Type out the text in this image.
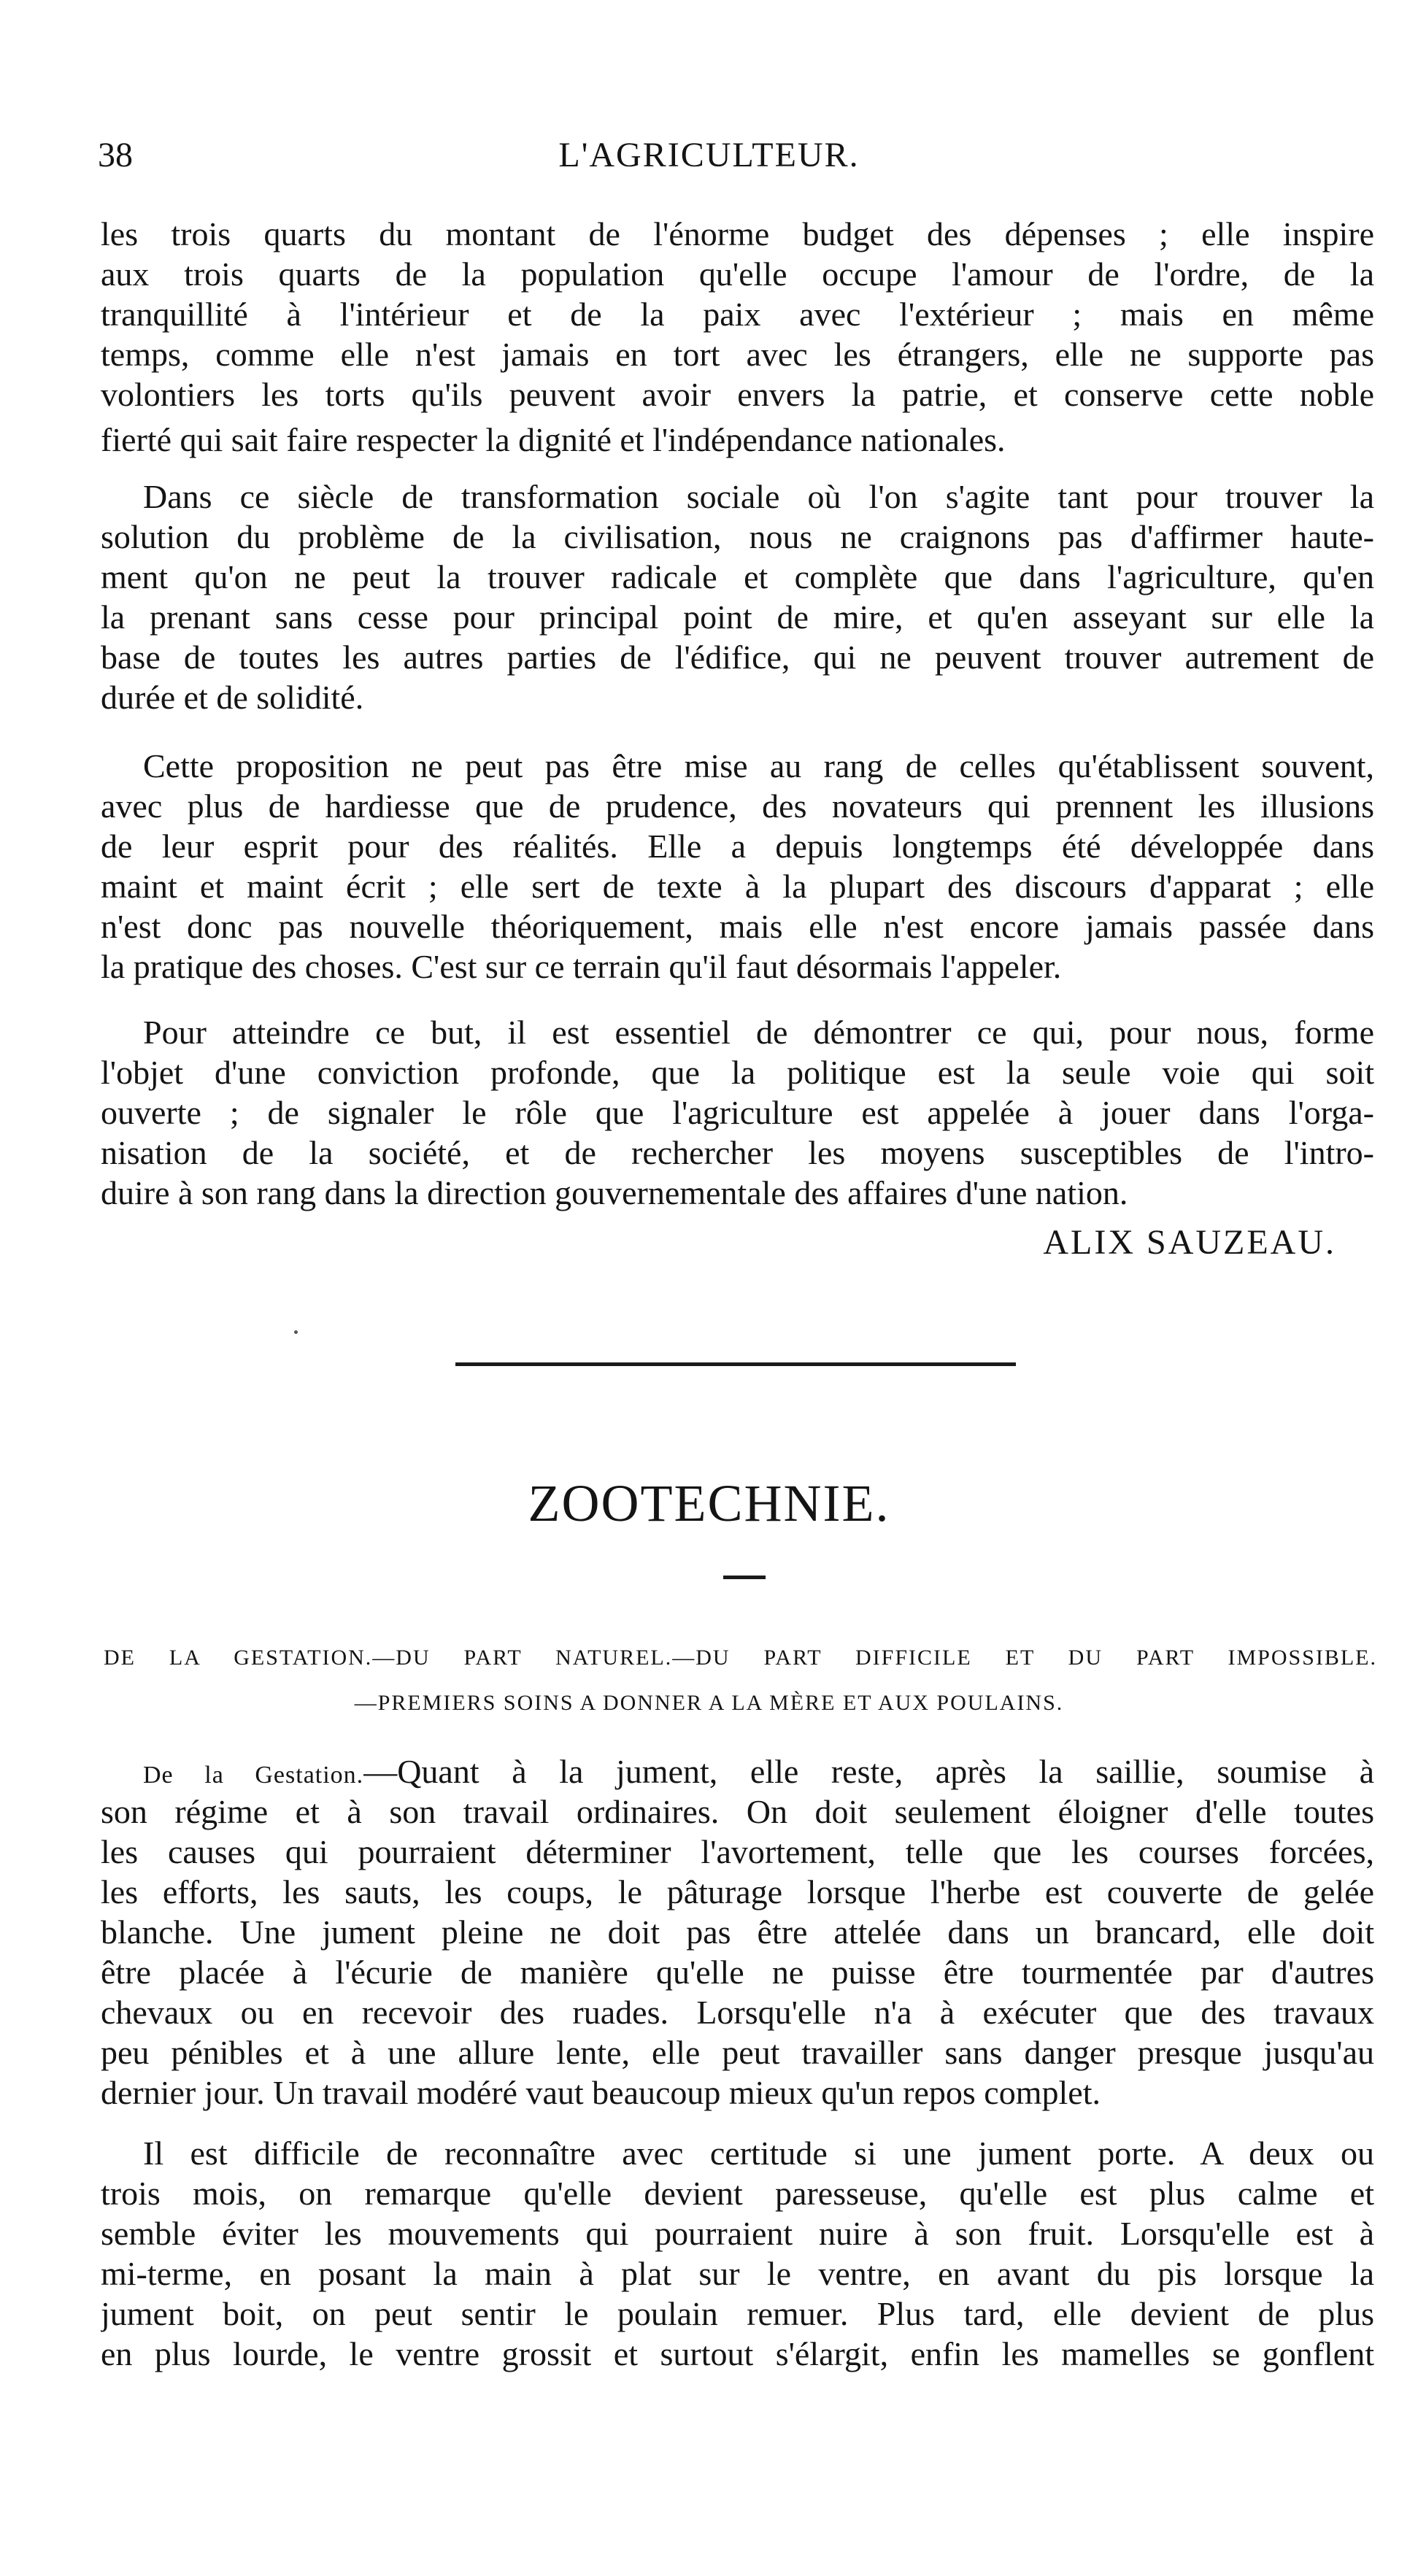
38	L'AGRICULTEUR.
les trois quarts du montant de l'énorme budget des dépenses ; elle inspire
aux trois quarts de la population qu'elle occupe l'amour de l'ordre, de la
tranquillité à l'intérieur et de la paix avec l'extérieur ; mais en même
temps, comme elle n'est jamais en tort avec les étrangers, elle ne supporte pas
volontiers les torts qu'ils peuvent avoir envers la patrie, et conserve cette noble
fierté qui sait faire respecter la dignité et l'indépendance nationales.
Dans ce siècle de transformation sociale où l'on s'agite tant pour trouver la
solution du problème de la civilisation, nous ne craignons pas d'affirmer haute-
ment qu'on ne peut la trouver radicale et complète que dans l'agriculture, qu'en
la prenant sans cesse pour principal point de mire, et qu'en asseyant sur elle la
base de toutes les autres parties de l'édifice, qui ne peuvent trouver autrement de
durée et de solidité.
Cette proposition ne peut pas être mise au rang de celles qu'établissent souvent,
avec plus de hardiesse que de prudence, des novateurs qui prennent les illusions
de leur esprit pour des réalités. Elle a depuis longtemps été développée dans
maint et maint écrit ; elle sert de texte à la plupart des discours d'apparat ; elle
n'est donc pas nouvelle théoriquement, mais elle n'est encore jamais passée dans
la pratique des choses. C'est sur ce terrain qu'il faut désormais l'appeler.
Pour atteindre ce but, il est essentiel de démontrer ce qui, pour nous, forme
l'objet d'une conviction profonde, que la politique est la seule voie qui soit
ouverte ; de signaler le rôle que l'agriculture est appelée à jouer dans l'orga-
nisation de la société, et de rechercher les moyens susceptibles de l'intro-
duire à son rang dans la direction gouvernementale des affaires d'une nation.
ALIX SAUZEAU.
ZOOTECHNIE.
DE LA GESTATION.—DU PART NATUREL.—DU PART DIFFICILE ET DU PART IMPOSSIBLE.
—PREMIERS SOINS A DONNER A LA MÈRE ET AUX POULAINS.
De la Gestation.—Quant à la jument, elle reste, après la saillie, soumise à
son régime et à son travail ordinaires. On doit seulement éloigner d'elle toutes
les causes qui pourraient déterminer l'avortement, telle que les courses forcées,
les efforts, les sauts, les coups, le pâturage lorsque l'herbe est couverte de gelée
blanche. Une jument pleine ne doit pas être attelée dans un brancard, elle doit
être placée à l'écurie de manière qu'elle ne puisse être tourmentée par d'autres
chevaux ou en recevoir des ruades. Lorsqu'elle n'a à exécuter que des travaux
peu pénibles et à une allure lente, elle peut travailler sans danger presque jusqu'au
dernier jour. Un travail modéré vaut beaucoup mieux qu'un repos complet.
Il est difficile de reconnaître avec certitude si une jument porte. A deux ou
trois mois, on remarque qu'elle devient paresseuse, qu'elle est plus calme et
semble éviter les mouvements qui pourraient nuire à son fruit. Lorsqu'elle est à
mi-terme, en posant la main à plat sur le ventre, en avant du pis lorsque la
jument boit, on peut sentir le poulain remuer. Plus tard, elle devient de plus
en plus lourde, le ventre grossit et surtout s'élargit, enfin les mamelles se gonflent
